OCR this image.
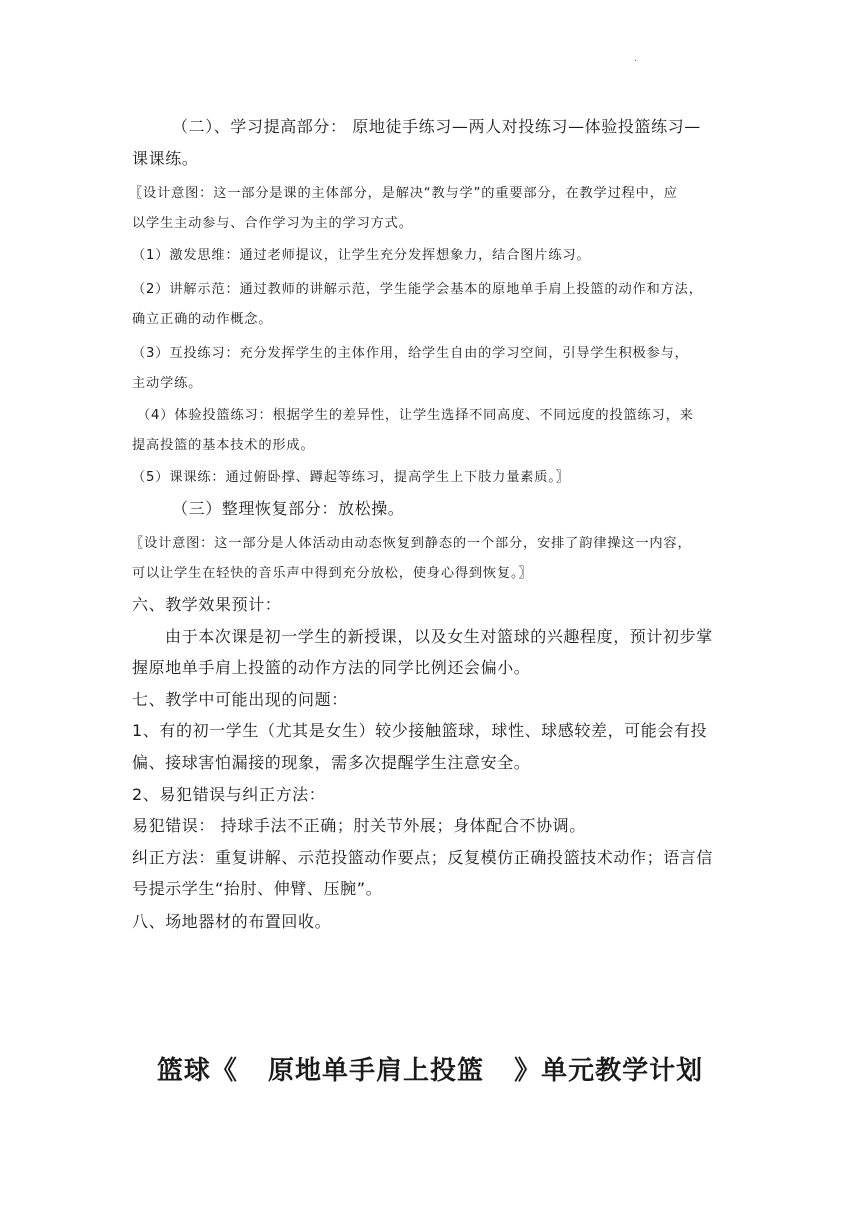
·
（二）、学习提高部分： 原地徒手练习—两人对投练习—体验投篮练习—
课课练。
〖设计意图：这一部分是课的主体部分，是解决“教与学”的重要部分，在教学过程中，应
以学生主动参与、合作学习为主的学习方式。
（1）激发思维：通过老师提议，让学生充分发挥想象力，结合图片练习。
（2）讲解示范：通过教师的讲解示范，学生能学会基本的原地单手肩上投篮的动作和方法，
确立正确的动作概念。
（3）互投练习：充分发挥学生的主体作用，给学生自由的学习空间，引导学生积极参与，
主动学练。
（4）体验投篮练习：根据学生的差异性，让学生选择不同高度、不同远度的投篮练习，来
提高投篮的基本技术的形成。
（5）课课练：通过俯卧撑、蹲起等练习，提高学生上下肢力量素质。〗
（三）整理恢复部分：放松操。
〖设计意图：这一部分是人体活动由动态恢复到静态的一个部分，安排了韵律操这一内容，
可以让学生在轻快的音乐声中得到充分放松，使身心得到恢复。〗
六、教学效果预计：
由于本次课是初一学生的新授课，以及女生对篮球的兴趣程度，预计初步掌
握原地单手肩上投篮的动作方法的同学比例还会偏小。
七、教学中可能出现的问题：
1、有的初一学生（尤其是女生）较少接触篮球，球性、球感较差，可能会有投
偏、接球害怕漏接的现象，需多次提醒学生注意安全。
2、易犯错误与纠正方法：
易犯错误： 持球手法不正确；肘关节外展；身体配合不协调。
纠正方法：重复讲解、示范投篮动作要点；反复模仿正确投篮技术动作；语言信
号提示学生“抬肘、伸臂、压腕”。
八、场地器材的布置回收。
篮球《   原地单手肩上投篮   》单元教学计划
